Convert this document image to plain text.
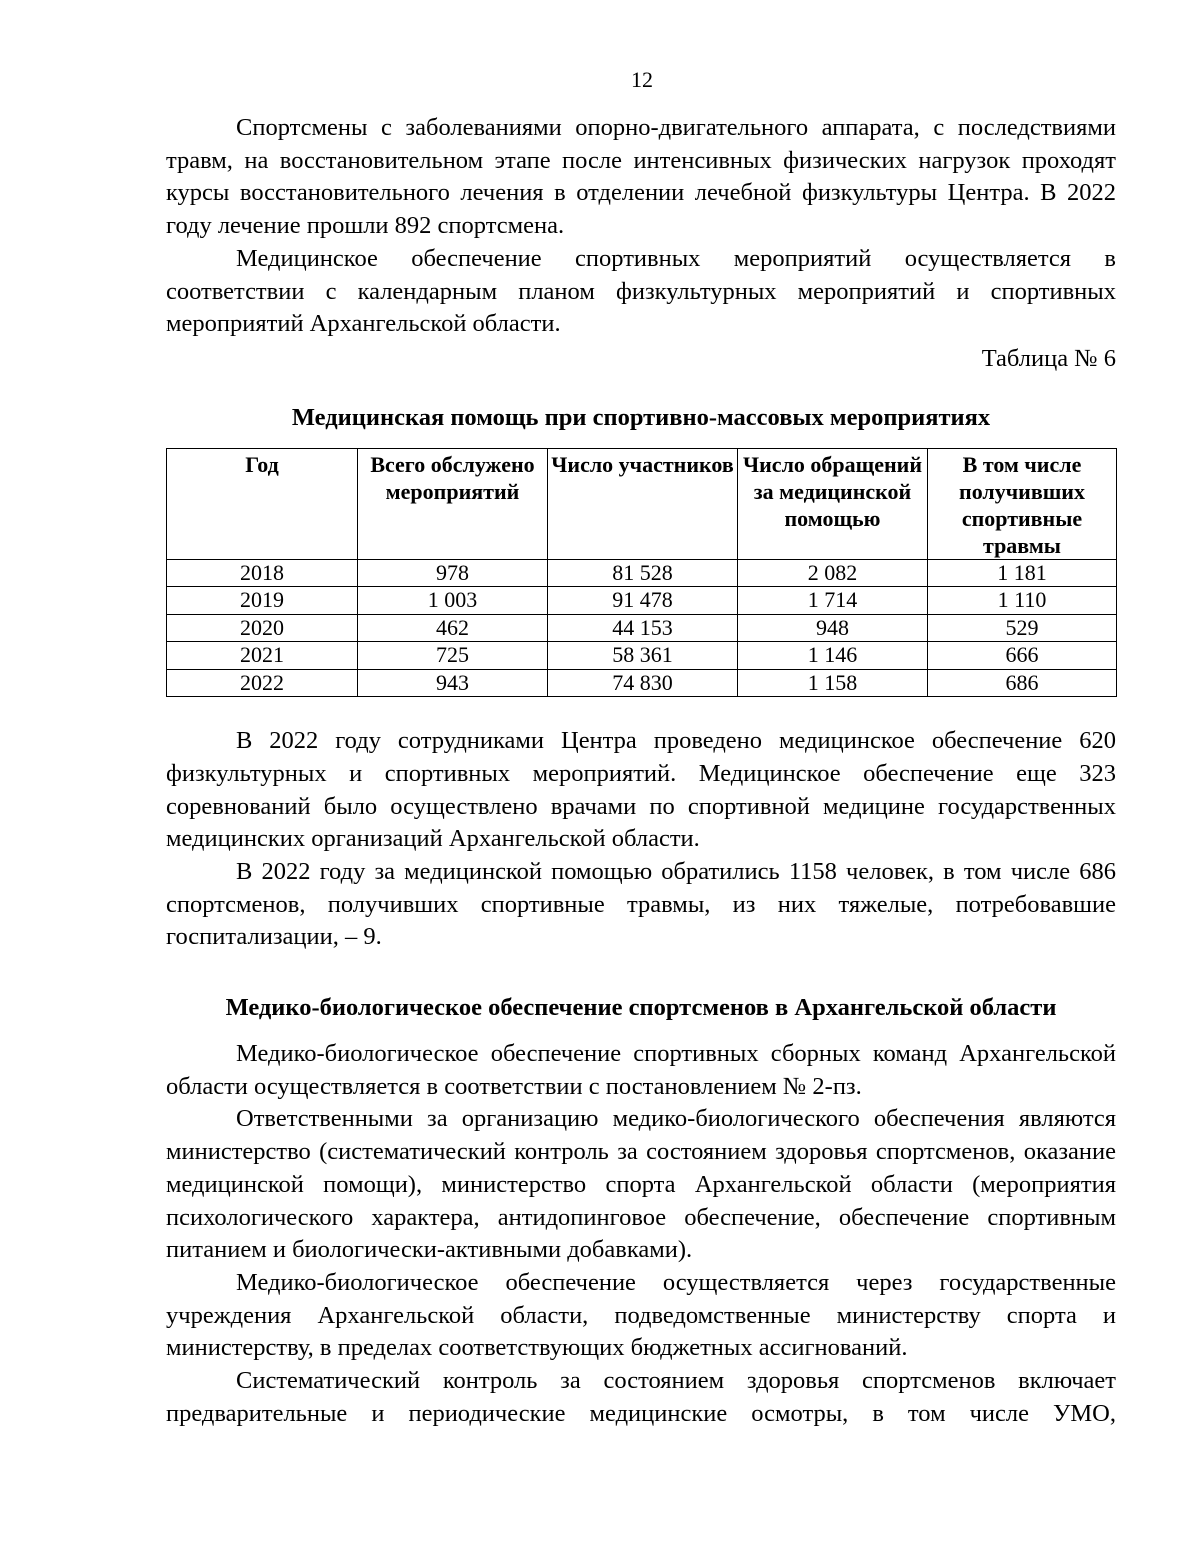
12

Спортсмены с заболеваниями опорно-двигательного аппарата, с последствиями травм, на восстановительном этапе после интенсивных физических нагрузок проходят курсы восстановительного лечения в отделении лечебной физкультуры Центра. В 2022 году лечение прошли 892 спортсмена.

Медицинское обеспечение спортивных мероприятий осуществляется в соответствии с календарным планом физкультурных мероприятий и спортивных мероприятий Архангельской области.

Таблица № 6

Медицинская помощь при спортивно-массовых мероприятиях

Год	Всего обслужено мероприятий	Число участников	Число обращений за медицинской помощью	В том числе получивших спортивные травмы
2018	978	81 528	2 082	1 181
2019	1 003	91 478	1 714	1 110
2020	462	44 153	948	529
2021	725	58 361	1 146	666
2022	943	74 830	1 158	686

В 2022 году сотрудниками Центра проведено медицинское обеспечение 620 физкультурных и спортивных мероприятий. Медицинское обеспечение еще 323 соревнований было осуществлено врачами по спортивной медицине государственных медицинских организаций Архангельской области.

В 2022 году за медицинской помощью обратились 1158 человек, в том числе 686 спортсменов, получивших спортивные травмы, из них тяжелые, потребовавшие госпитализации, – 9.

Медико-биологическое обеспечение спортсменов в Архангельской области

Медико-биологическое обеспечение спортивных сборных команд Архангельской области осуществляется в соответствии с постановлением № 2-пз.

Ответственными за организацию медико-биологического обеспечения являются министерство (систематический контроль за состоянием здоровья спортсменов, оказание медицинской помощи), министерство спорта Архангельской области (мероприятия психологического характера, антидопинговое обеспечение, обеспечение спортивным питанием и биологически-активными добавками).

Медико-биологическое обеспечение осуществляется через государственные учреждения Архангельской области, подведомственные министерству спорта и министерству, в пределах соответствующих бюджетных ассигнований.

Систематический контроль за состоянием здоровья спортсменов включает предварительные и периодические медицинские осмотры, в том числе УМО,
